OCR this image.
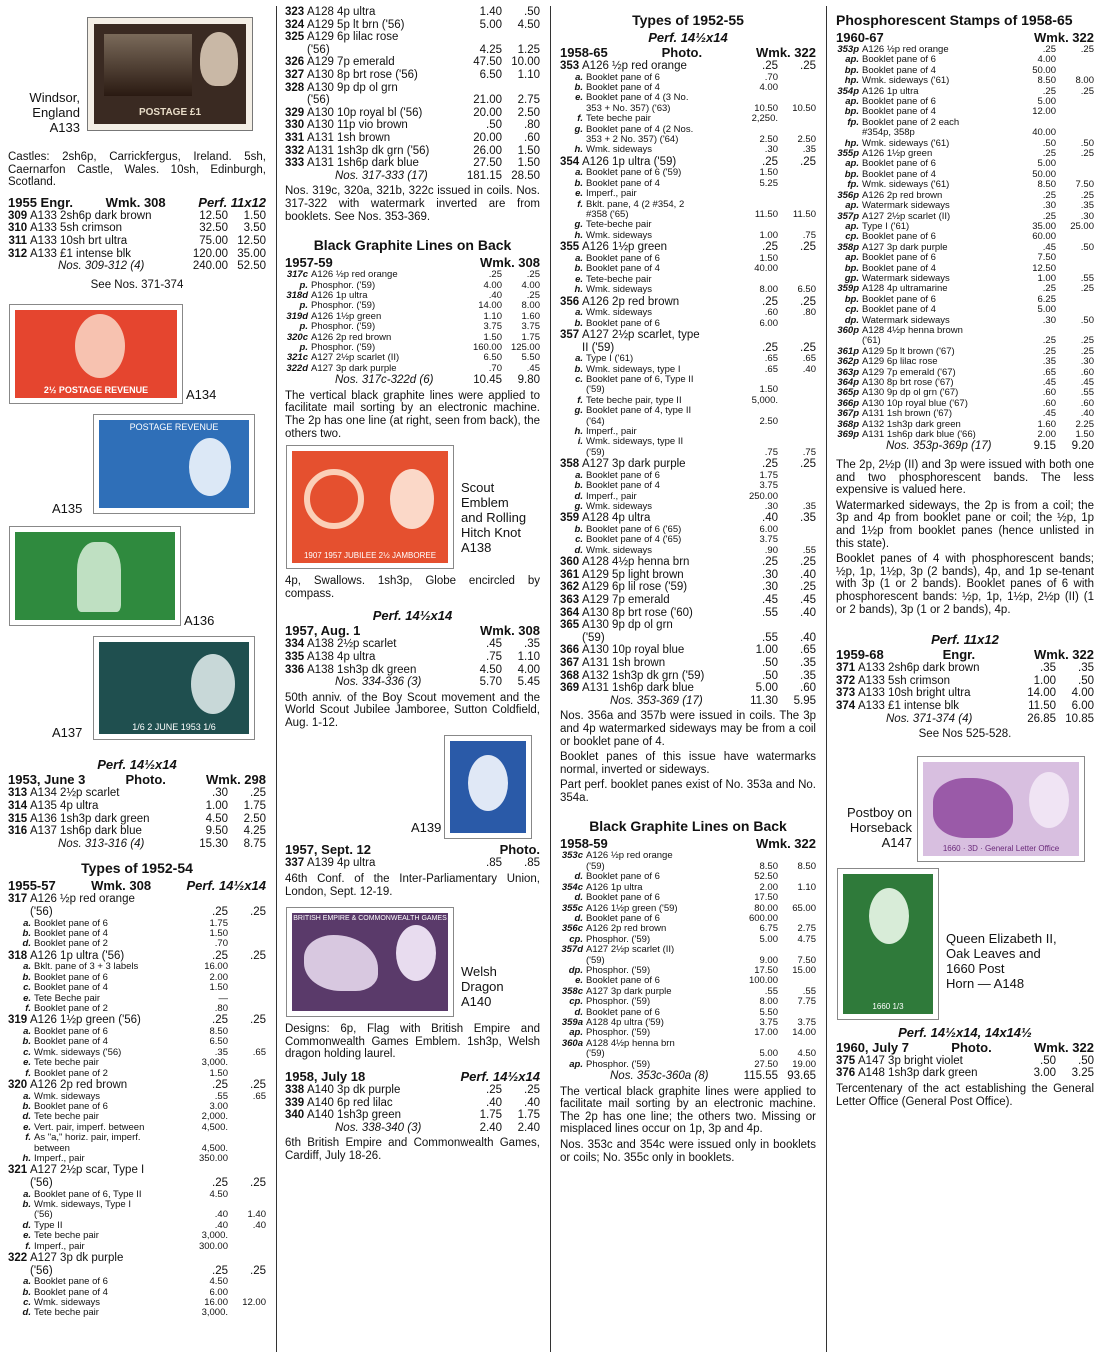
Windsor,
England
A133
POSTAGE £1

Castles: 2sh6p, Carrickfergus, Ireland. 5sh, Caernarfon Castle, Wales. 10sh, Edinburgh, Scotland.

1955 Engr.	Wmk. 308	Perf. 11x12
309 A133 2sh6p dark brown	12.50	1.50
310 A133 5sh crimson	32.50	3.50
311 A133 10sh brt ultra	75.00 12.50
312 A133 £1 intense blk	120.00 35.00
Nos. 309-312 (4)	240.00 52.50

See Nos. 371-374

2½ POSTAGE REVENUE	A134
POSTAGE REVENUE
A135
A136
1/6 2 JUNE 1953 1/6
A137
Perf. 14½x14
1953, June 3	Photo.	Wmk. 298
313 A134 2½p scarlet	.30	.25
314 A135 4p ultra	1.00	1.75
315 A136 1sh3p dark green	4.50	2.50
316 A137 1sh6p dark blue	9.50	4.25
Nos. 313-316 (4)	15.30	8.75
Types of 1952-54
1955-57	Wmk. 308	Perf. 14½x14
317 A126 ½p red orange
('56)	.25	.25
a. Booklet pane of 6	1.75
b. Booklet pane of 4	1.50
d. Booklet pane of 2	.70
318 A126 1p ultra ('56)	.25	.25
a. Bklt. pane of 3 + 3 labels	16.00
b. Booklet pane of 6	2.00
c. Booklet pane of 4	1.50
e. Tete Beche pair	—
f. Booklet pane of 2	.80
319 A126 1½p green ('56)	.25	.25
a. Booklet pane of 6	8.50
b. Booklet pane of 4	6.50
c. Wmk. sideways ('56)	.35	.65
e. Tete beche pair	3,000.
f. Booklet pane of 2	1.50
320 A126 2p red brown	.25	.25
a. Wmk. sideways	.55	.65
b. Booklet pane of 6	3.00
d. Tete beche pair	2,000.
e. Vert. pair, imperf. between	4,500.
f. As "a," horiz. pair, imperf.
between	4,500.
h. Imperf., pair	350.00
321 A127 2½p scar, Type I
('56)	.25	.25
a. Booklet pane of 6, Type II	4.50
b. Wmk. sideways, Type I
('56)	.40	1.40
d. Type II	.40	.40
e. Tete beche pair	3,000.
f. Imperf., pair	300.00
322 A127 3p dk purple
('56)	.25	.25
a. Booklet pane of 6	4.50
b. Booklet pane of 4	6.00
c. Wmk. sideways	16.00	12.00
d. Tete beche pair	3,000.
323 A128 4p ultra	1.40	.50
324 A129 5p lt brn ('56)	5.00	4.50
325 A129 6p lilac rose
('56)	4.25	1.25
326 A129 7p emerald	47.50 10.00
327 A130 8p brt rose ('56)	6.50	1.10
328 A130 9p dp ol grn
('56)	21.00	2.75
329 A130 10p royal bl ('56)	20.00	2.50
330 A130 11p vio brown	.50	.80
331 A131 1sh brown	20.00	.60
332 A131 1sh3p dk grn ('56)	26.00	1.50
333 A131 1sh6p dark blue	27.50	1.50
Nos. 317-333 (17)	181.15 28.50

Nos. 319c, 320a, 321b, 322c issued in coils. Nos. 317-322 with watermark inverted are from booklets. See Nos. 353-369.

Black Graphite Lines on Back
1957-59	Wmk. 308
317c A126 ½p red orange	.25	.25
p. Phosphor. ('59)	4.00	4.00
318d A126 1p ultra	.40	.25
p. Phosphor. ('59)	14.00	8.00
319d A126 1½p green	1.10	1.60
p. Phosphor. ('59)	3.75	3.75
320c A126 2p red brown	1.50	1.75
p. Phosphor. ('59)	160.00 125.00
321c A127 2½p scarlet (II)	6.50	5.50
322d A127 3p dark purple	.70	.45
Nos. 317c-322d (6)	10.45	9.80

The vertical black graphite lines were applied to facilitate mail sorting by an electronic machine. The 2p has one line (at right, seen from back), the others two.

1907 1957 JUBILEE 2½ JAMBOREE
Scout
Emblem
and Rolling
Hitch Knot
A138

4p, Swallows. 1sh3p, Globe encircled by compass.

Perf. 14½x14
1957, Aug. 1	Wmk. 308
334 A138 2½p scarlet	.45	.35
335 A138 4p ultra	.75	1.10
336 A138 1sh3p dk green	4.50	4.00
Nos. 334-336 (3)	5.70	5.45

50th anniv. of the Boy Scout movement and the World Scout Jubilee Jamboree, Sutton Coldfield, Aug. 1-12.

A139
1957, Sept. 12	Photo.
337 A139 4p ultra	.85	.85

46th Conf. of the Inter-Parliamentary Union, London, Sept. 12-19.

BRITISH EMPIRE & COMMONWEALTH GAMES
Welsh
Dragon
A140

Designs: 6p, Flag with British Empire and Commonwealth Games Emblem. 1sh3p, Welsh dragon holding laurel.

1958, July 18	Perf. 14½x14
338 A140 3p dk purple	.25	.25
339 A140 6p red lilac	.40	.40
340 A140 1sh3p green	1.75	1.75
Nos. 338-340 (3)	2.40	2.40

6th British Empire and Commonwealth Games, Cardiff, July 18-26.

Types of 1952-55
Perf. 14½x14
1958-65	Photo.	Wmk. 322
353 A126 ½p red orange	.25	.25
a. Booklet pane of 6	.70
b. Booklet pane of 4	4.00
e. Booklet pane of 4 (3 No.
353 + No. 357) ('63)	10.50	10.50
f. Tete beche pair	2,250.
g. Booklet pane of 4 (2 Nos.
353 + 2 No. 357) ('64)	2.50	2.50
h. Wmk. sideways	.30	.35
354 A126 1p ultra ('59)	.25	.25
a. Booklet pane of 6 ('59)	1.50
b. Booklet pane of 4	5.25
e. Imperf., pair
f. Bklt. pane, 4 (2 #354, 2
#358 ('65)	11.50	11.50
g. Tete-beche pair
h. Wmk. sideways	1.00	.75
355 A126 1½p green	.25	.25
a. Booklet pane of 6	1.50
b. Booklet pane of 4	40.00
e. Tete-beche pair
h. Wmk. sideways	8.00	6.50
356 A126 2p red brown	.25	.25
a. Wmk. sideways	.60	.80
b. Booklet pane of 6	6.00
357 A127 2½p scarlet, type
II ('59)	.25	.25
a. Type I ('61)	.65	.65
b. Wmk. sideways, type I	.65	.40
c. Booklet pane of 6, Type II
('59)	1.50
f. Tete beche pair, type II	5,000.
g. Booklet pane of 4, type II
('64)	2.50
h. Imperf., pair
i. Wmk. sideways, type II
('59)	.75	.75
358 A127 3p dark purple	.25	.25
a. Booklet pane of 6	1.75
b. Booklet pane of 4	3.75
d. Imperf., pair	250.00
g. Wmk. sideways	.30	.35
359 A128 4p ultra	.40	.35
b. Booklet pane of 6 ('65)	6.00
c. Booklet pane of 4 ('65)	3.75
d. Wmk. sideways	.90	.55
360 A128 4½p henna brn	.25	.25
361 A129 5p light brown	.30	.40
362 A129 6p lil rose ('59)	.30	.25
363 A129 7p emerald	.45	.45
364 A130 8p brt rose ('60)	.55	.40
365 A130 9p dp ol grn
('59)	.55	.40
366 A130 10p royal blue	1.00	.65
367 A131 1sh brown	.50	.35
368 A132 1sh3p dk grn ('59)	.50	.35
369 A131 1sh6p dark blue	5.00	.60
Nos. 353-369 (17)	11.30	5.95

Nos. 356a and 357b were issued in coils. The 3p and 4p watermarked sideways may be from a coil or booklet pane of 4.

Booklet panes of this issue have watermarks normal, inverted or sideways.

Part perf. booklet panes exist of No. 353a and No. 354a.

Black Graphite Lines on Back
1958-59	Wmk. 322
353c A126 ½p red orange
('59)	8.50	8.50
d. Booklet pane of 6	52.50
354c A126 1p ultra	2.00	1.10
d. Booklet pane of 6	17.50
355c A126 1½p green ('59)	80.00	65.00
d. Booklet pane of 6	600.00
356c A126 2p red brown	6.75	2.75
cp. Phosphor. ('59)	5.00	4.75
357d A127 2½p scarlet (II)
('59)	9.00	7.50
dp. Phosphor. ('59)	17.50	15.00
e. Booklet pane of 6	100.00
358c A127 3p dark purple	.55	.55
cp. Phosphor. ('59)	8.00	7.75
d. Booklet pane of 6	5.50
359a A128 4p ultra ('59)	3.75	3.75
ap. Phosphor. ('59)	17.00	14.00
360a A128 4½p henna brn
('59)	5.00	4.50
ap. Phosphor. ('59)	27.50	19.00
Nos. 353c-360a (8)	115.55 93.65

The vertical black graphite lines were applied to facilitate mail sorting by an electronic machine. The 2p has one line; the others two. Missing or misplaced lines occur on 1p, 3p and 4p.

Nos. 353c and 354c were issued only in booklets or coils; No. 355c only in booklets.

Phosphorescent Stamps of 1958-65
1960-67	Wmk. 322
353p A126 ½p red orange	.25	.25
ap. Booklet pane of 6	4.00
bp. Booklet pane of 4	50.00
hp. Wmk. sideways ('61)	8.50	8.00
354p A126 1p ultra	.25	.25
ap. Booklet pane of 6	5.00
bp. Booklet pane of 4	12.00
fp. Booklet pane of 2 each
#354p, 358p	40.00
hp. Wmk. sideways ('61)	.50	.50
355p A126 1½p green	.25	.25
ap. Booklet pane of 6	5.00
bp. Booklet pane of 4	50.00
fp. Wmk. sideways ('61)	8.50	7.50
356p A126 2p red brown	.25	.25
ap. Watermark sideways	.30	.35
357p A127 2½p scarlet (II)	.25	.30
ap. Type I ('61)	35.00	25.00
cp. Booklet pane of 6	60.00
358p A127 3p dark purple	.45	.50
ap. Booklet pane of 6	7.50
bp. Booklet pane of 4	12.50
gp. Watermark sideways	1.00	.55
359p A128 4p ultramarine	.25	.25
bp. Booklet pane of 6	6.25
cp. Booklet pane of 4	5.00
dp. Watermark sideways	.30	.50
360p A128 4½p henna brown
('61)	.25	.25
361p A129 5p lt brown ('67)	.25	.25
362p A129 6p lilac rose	.35	.30
363p A129 7p emerald ('67)	.65	.60
364p A130 8p brt rose ('67)	.45	.45
365p A130 9p dp ol grn ('67)	.60	.55
366p A130 10p royal blue ('67)	.60	.60
367p A131 1sh brown ('67)	.45	.40
368p A132 1sh3p dark green	1.60	2.25
369p A131 1sh6p dark blue ('66)	2.00	1.50
Nos. 353p-369p (17)	9.15	9.20

The 2p, 2½p (II) and 3p were issued with both one and two phosphorescent bands. The less expensive is valued here.

Watermarked sideways, the 2p is from a coil; the 3p and 4p from booklet pane or coil; the ½p, 1p and 1½p from booklet panes (hence unlisted in this state).

Booklet panes of 4 with phosphorescent bands; ½p, 1p, 1½p, 3p (2 bands), 4p, and 1p se-tenant with 3p (1 or 2 bands). Booklet panes of 6 with phosphorescent bands: ½p, 1p, 1½p, 2½p (II) (1 or 2 bands), 3p (1 or 2 bands), 4p.

Perf. 11x12
1959-68	Engr.	Wmk. 322
371 A133 2sh6p dark brown	.35	.35
372 A133 5sh crimson	1.00	.50
373 A133 10sh bright ultra	14.00	4.00
374 A133 £1 intense blk	11.50	6.00
Nos. 371-374 (4)	26.85 10.85

See Nos 525-528.

1660 · 3D · General Letter Office
Postboy on
Horseback
A147
1660 1/3
Queen Elizabeth II,
Oak Leaves and
1660 Post
Horn — A148
Perf. 14½x14, 14x14½
1960, July 7	Photo.	Wmk. 322
375 A147 3p bright violet	.50	.50
376 A148 1sh3p dark green	3.00	3.25

Tercentenary of the act establishing the General Letter Office (General Post Office).
